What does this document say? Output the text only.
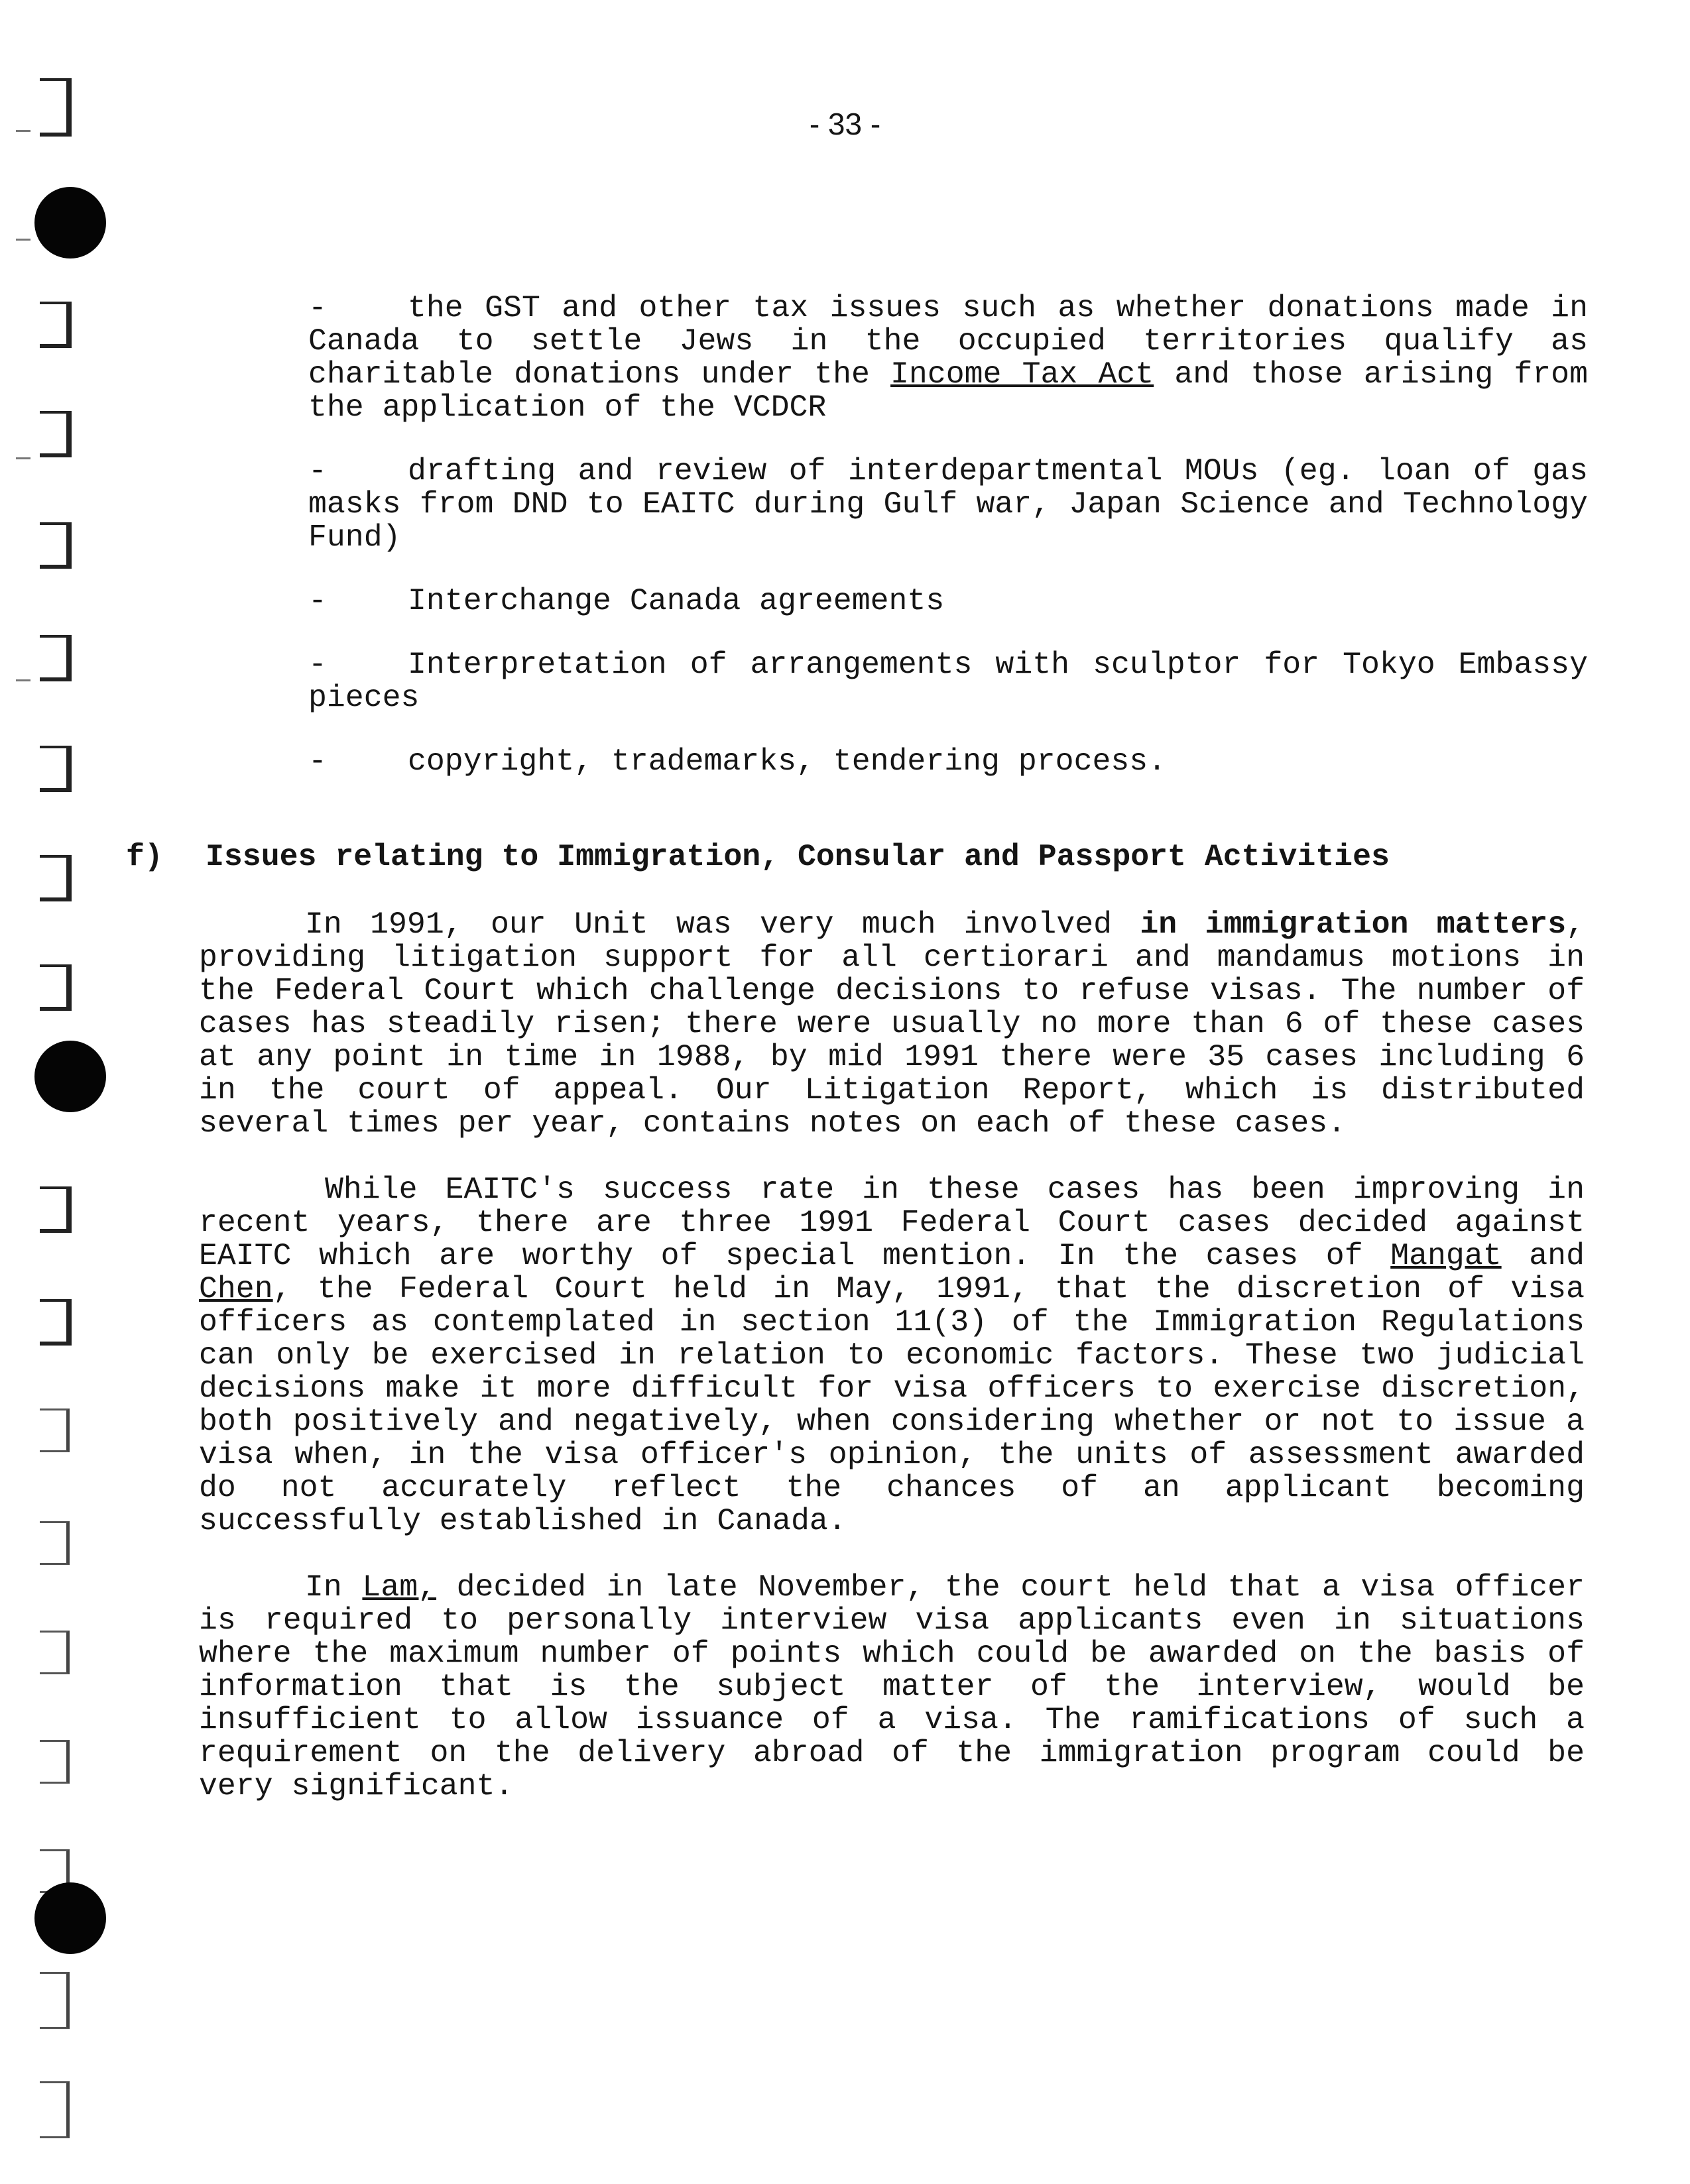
- 33 -
-	the GST and other tax issues such as whether donations made in Canada to settle Jews in the occupied territories qualify as charitable donations under the Income Tax Act and those arising from the application of the VCDCR
-	drafting and review of interdepartmental MOUs (eg. loan of gas masks from DND to EAITC during Gulf war, Japan Science and Technology Fund)
-	Interchange Canada agreements
-	Interpretation of arrangements with sculptor for Tokyo Embassy pieces
-	copyright, trademarks, tendering process.
f) Issues relating to Immigration, Consular and Passport Activities

In 1991, our Unit was very much involved in immigration matters, providing litigation support for all certiorari and mandamus motions in the Federal Court which challenge decisions to refuse visas. The number of cases has steadily risen; there were usually no more than 6 of these cases at any point in time in 1988, by mid 1991 there were 35 cases including 6 in the court of appeal. Our Litigation Report, which is distributed several times per year, contains notes on each of these cases.

While EAITC's success rate in these cases has been improving in recent years, there are three 1991 Federal Court cases decided against EAITC which are worthy of special mention. In the cases of Mangat and Chen, the Federal Court held in May, 1991, that the discretion of visa officers as contemplated in section 11(3) of the Immigration Regulations can only be exercised in relation to economic factors. These two judicial decisions make it more difficult for visa officers to exercise discretion, both positively and negatively, when considering whether or not to issue a visa when, in the visa officer's opinion, the units of assessment awarded do not accurately reflect the chances of an applicant becoming successfully established in Canada.

In Lam, decided in late November, the court held that a visa officer is required to personally interview visa applicants even in situations where the maximum number of points which could be awarded on the basis of information that is the subject matter of the interview, would be insufficient to allow issuance of a visa. The ramifications of such a requirement on the delivery abroad of the immigration program could be very significant.
